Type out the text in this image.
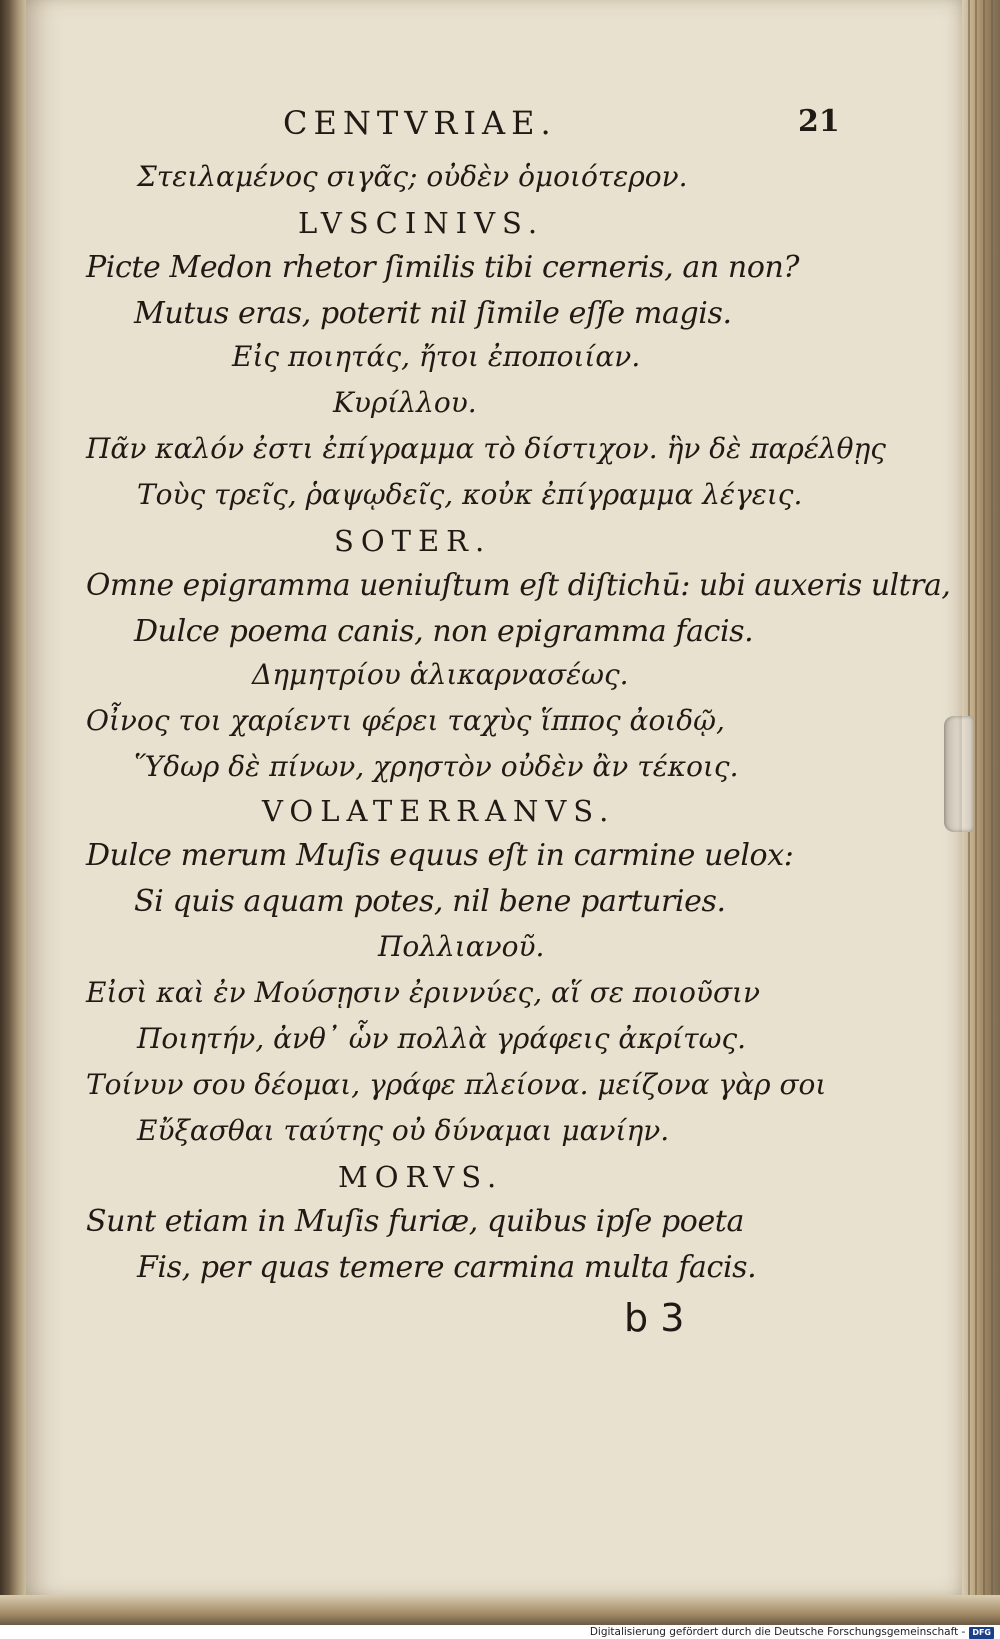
CENTVRIAE.	21
Στειλαμένος σιγᾶς; οὐδὲν ὁμοιότερον.
LVSCINIVS.
Picte Medon rhetor ſimilis tibi cerneris, an non?
Mutus eras, poterit nil ſimile eſſe magis.
Εἰς ποιητάς, ἤτοι ἐποποιίαν.
Κυρίλλου.
Πᾶν καλόν ἐστι ἐπίγραμμα τὸ δίστιχον. ἣν δὲ παρέλθῃς
Τοὺς τρεῖς, ῥαψῳδεῖς, κοὐκ ἐπίγραμμα λέγεις.
SOTER.
Omne epigramma ueniuſtum eſt diſtichū: ubi auxeris ultra,
Dulce poema canis, non epigramma facis.
Δημητρίου ἁλικαρνασέως.
Οἶνος τοι χαρίεντι φέρει ταχὺς ἵππος ἀοιδῷ,
Ὕδωρ δὲ πίνων, χρηστὸν οὐδὲν ἂν τέκοις.
VOLATERRANVS.
Dulce merum Muſis equus eſt in carmine uelox:
Si quis aquam potes, nil bene parturies.
Πολλιανοῦ.
Εἰσὶ καὶ ἐν Μούσῃσιν ἐριννύες, αἵ σε ποιοῦσιν
Ποιητήν, ἀνθ᾽ ὧν πολλὰ γράφεις ἀκρίτως.
Τοίνυν σου δέομαι, γράφε πλείονα. μείζονα γὰρ σοι
Εὔξασθαι ταύτης οὐ δύναμαι μανίην.
MORVS.
Sunt etiam in Muſis furiæ, quibus ipſe poeta
Fis, per quas temere carmina multa facis.
b 3
Digitalisierung gefördert durch die Deutsche Forschungsgemeinschaft - DFG
